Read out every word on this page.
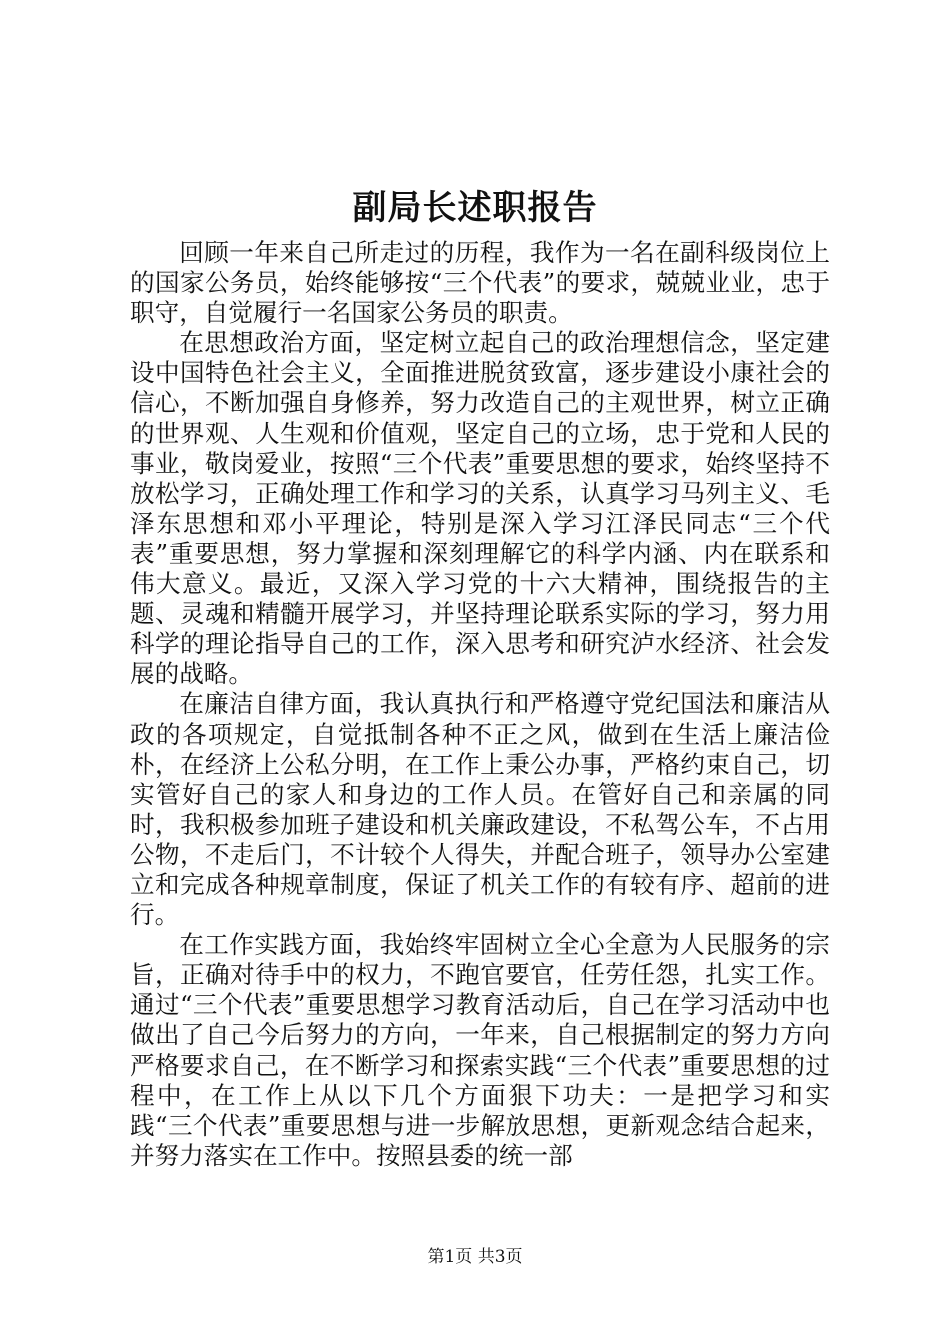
副局长述职报告

回顾一年来自己所走过的历程，我作为一名在副科级岗位上的国家公务员，始终能够按“三个代表”的要求，兢兢业业，忠于职守，自觉履行一名国家公务员的职责。

在思想政治方面，坚定树立起自己的政治理想信念，坚定建设中国特色社会主义，全面推进脱贫致富，逐步建设小康社会的信心，不断加强自身修养，努力改造自己的主观世界，树立正确的世界观、人生观和价值观，坚定自己的立场，忠于党和人民的事业，敬岗爱业，按照“三个代表”重要思想的要求，始终坚持不放松学习，正确处理工作和学习的关系，认真学习马列主义、毛泽东思想和邓小平理论，特别是深入学习江泽民同志“三个代表”重要思想，努力掌握和深刻理解它的科学内涵、内在联系和伟大意义。最近，又深入学习党的十六大精神，围绕报告的主题、灵魂和精髓开展学习，并坚持理论联系实际的学习，努力用科学的理论指导自己的工作，深入思考和研究泸水经济、社会发展的战略。

在廉洁自律方面，我认真执行和严格遵守党纪国法和廉洁从政的各项规定，自觉抵制各种不正之风，做到在生活上廉洁俭朴，在经济上公私分明，在工作上秉公办事，严格约束自己，切实管好自己的家人和身边的工作人员。在管好自己和亲属的同时，我积极参加班子建设和机关廉政建设，不私驾公车，不占用公物，不走后门，不计较个人得失，并配合班子，领导办公室建立和完成各种规章制度，保证了机关工作的有较有序、超前的进行。

在工作实践方面，我始终牢固树立全心全意为人民服务的宗旨，正确对待手中的权力，不跑官要官，任劳任怨，扎实工作。通过“三个代表”重要思想学习教育活动后，自己在学习活动中也做出了自己今后努力的方向，一年来，自己根据制定的努力方向严格要求自己，在不断学习和探索实践“三个代表”重要思想的过程中，在工作上从以下几个方面狠下功夫：一是把学习和实践“三个代表”重要思想与进一步解放思想，更新观念结合起来，并努力落实在工作中。按照县委的统一部

第1页 共3页
